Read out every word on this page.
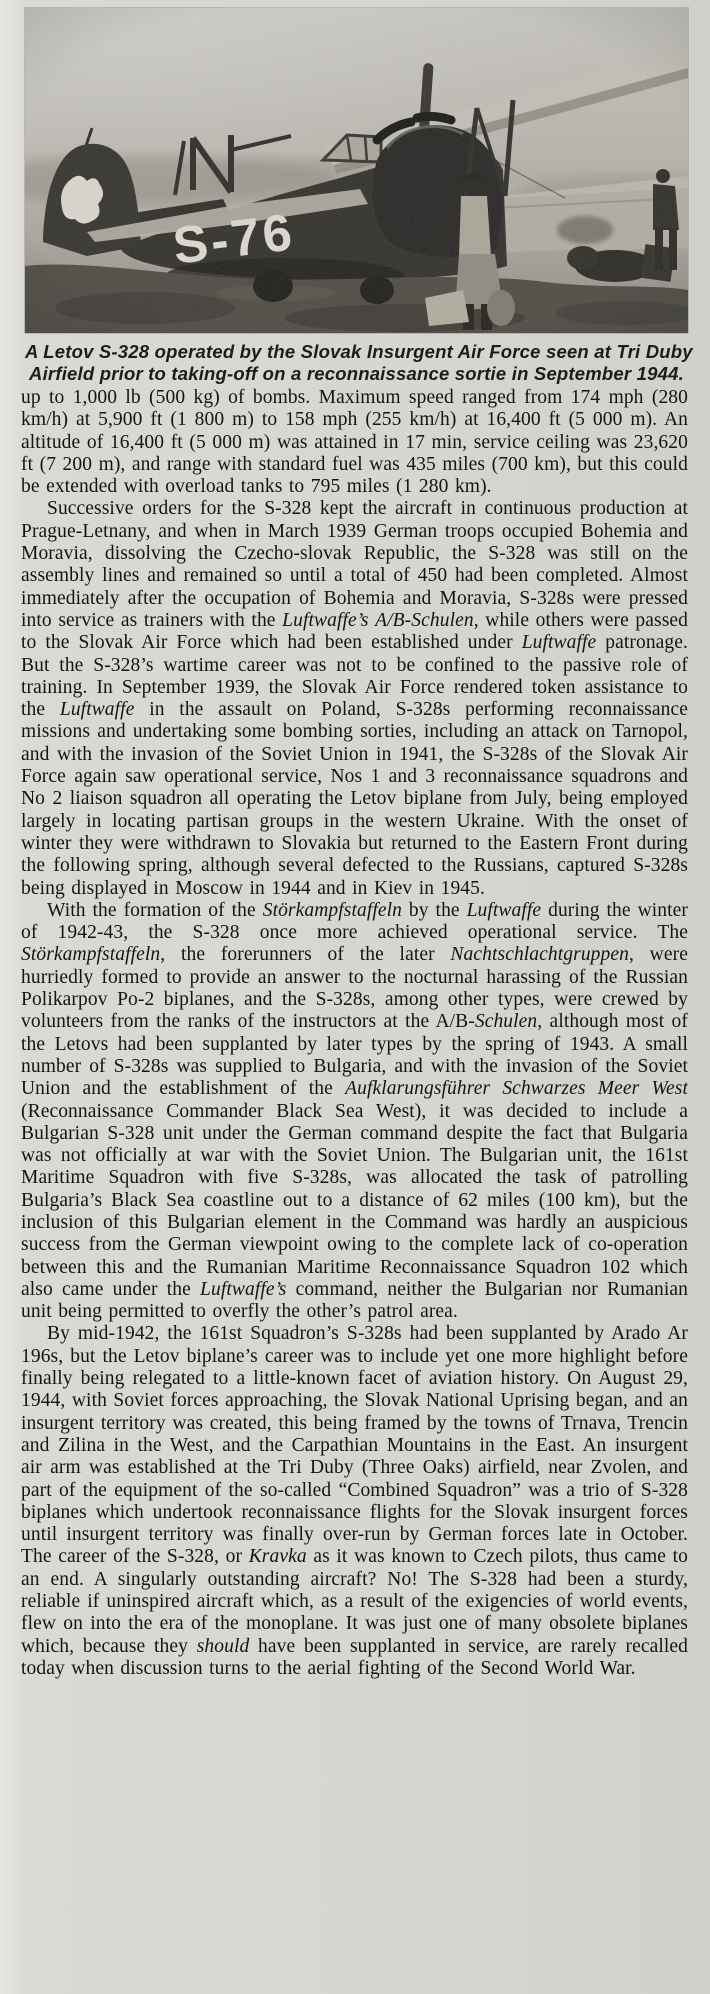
A Letov S-328 operated by the Slovak Insurgent Air Force seen at Tri Duby
Airfield prior to taking-off on a reconnaissance sortie in September 1944.

up to 1,000 lb (500 kg) of bombs. Maximum speed ranged from 174 mph (280 km/h) at 5,900 ft (1 800 m) to 158 mph (255 km/h) at 16,400 ft (5 000 m). An altitude of 16,400 ft (5 000 m) was attained in 17 min, service ceiling was 23,620 ft (7 200 m), and range with standard fuel was 435 miles (700 km), but this could be extended with overload tanks to 795 miles (1 280 km).

Successive orders for the S-328 kept the aircraft in continuous production at Prague-Letnany, and when in March 1939 German troops occupied Bohemia and Moravia, dissolving the Czecho-slovak Republic, the S-328 was still on the assembly lines and remained so until a total of 450 had been completed. Almost immediately after the occupation of Bohemia and Moravia, S-328s were pressed into service as trainers with the Luftwaffe’s A/B-Schulen, while others were passed to the Slovak Air Force which had been established under Luftwaffe patronage. But the S-328’s wartime career was not to be confined to the passive role of training. In September 1939, the Slovak Air Force rendered token assistance to the Luftwaffe in the assault on Poland, S-328s performing reconnaissance missions and undertaking some bombing sorties, including an attack on Tarnopol, and with the invasion of the Soviet Union in 1941, the S-328s of the Slovak Air Force again saw operational service, Nos 1 and 3 reconnaissance squadrons and No 2 liaison squadron all operating the Letov biplane from July, being employed largely in locating partisan groups in the western Ukraine. With the onset of winter they were withdrawn to Slovakia but returned to the Eastern Front during the following spring, although several defected to the Russians, captured S-328s being displayed in Moscow in 1944 and in Kiev in 1945.

With the formation of the Störkampfstaffeln by the Luftwaffe during the winter of 1942-43, the S-328 once more achieved operational service. The Störkampfstaffeln, the forerunners of the later Nachtschlachtgruppen, were hurriedly formed to provide an answer to the nocturnal harassing of the Russian Polikarpov Po-2 biplanes, and the S-328s, among other types, were crewed by volunteers from the ranks of the instructors at the A/B-Schulen, although most of the Letovs had been supplanted by later types by the spring of 1943. A small number of S-328s was supplied to Bulgaria, and with the invasion of the Soviet Union and the establishment of the Aufklarungsführer Schwarzes Meer West (Reconnaissance Commander Black Sea West), it was decided to include a Bulgarian S-328 unit under the German command despite the fact that Bulgaria was not officially at war with the Soviet Union. The Bulgarian unit, the 161st Maritime Squadron with five S-328s, was allocated the task of patrolling Bulgaria’s Black Sea coastline out to a distance of 62 miles (100 km), but the inclusion of this Bulgarian element in the Command was hardly an auspicious success from the German viewpoint owing to the complete lack of co-operation between this and the Rumanian Maritime Reconnaissance Squadron 102 which also came under the Luftwaffe’s command, neither the Bulgarian nor Rumanian unit being permitted to overfly the other’s patrol area.

By mid-1942, the 161st Squadron’s S-328s had been supplanted by Arado Ar 196s, but the Letov biplane’s career was to include yet one more highlight before finally being relegated to a little-known facet of aviation history. On August 29, 1944, with Soviet forces approaching, the Slovak National Uprising began, and an insurgent territory was created, this being framed by the towns of Trnava, Trencin and Zilina in the West, and the Carpathian Mountains in the East. An insurgent air arm was established at the Tri Duby (Three Oaks) airfield, near Zvolen, and part of the equipment of the so-called “Combined Squadron” was a trio of S-328 biplanes which undertook reconnaissance flights for the Slovak insurgent forces until insurgent territory was finally over-run by German forces late in October. The career of the S-328, or Kravka as it was known to Czech pilots, thus came to an end. A singularly outstanding aircraft? No! The S-328 had been a sturdy, reliable if uninspired aircraft which, as a result of the exigencies of world events, flew on into the era of the monoplane. It was just one of many obsolete biplanes which, because they should have been supplanted in service, are rarely recalled today when discussion turns to the aerial fighting of the Second World War.
